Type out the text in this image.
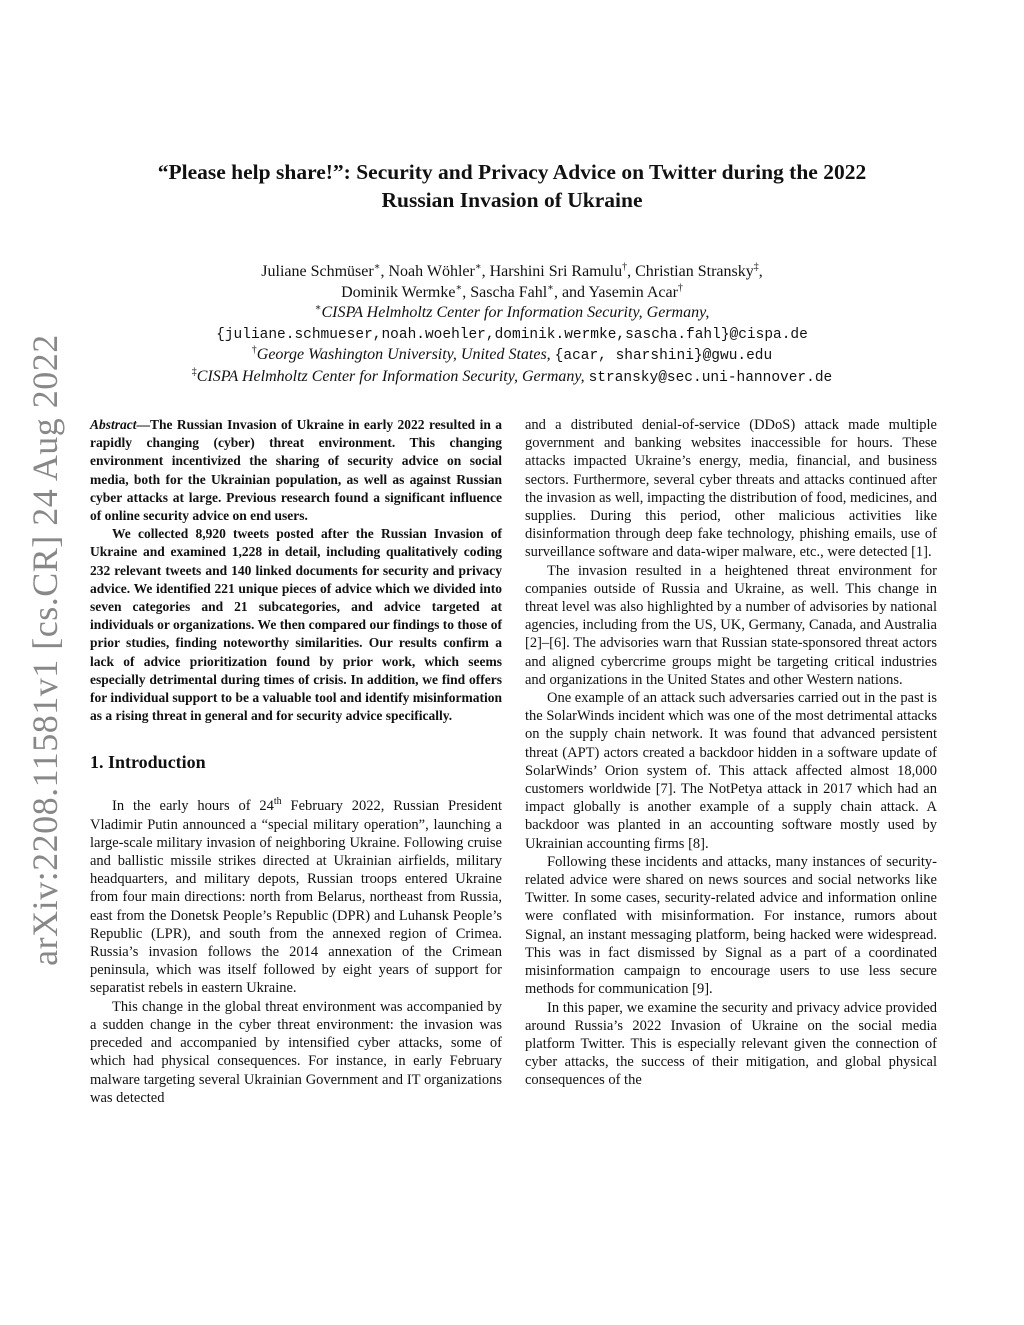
arXiv:2208.11581v1 [cs.CR] 24 Aug 2022
“Please help share!”: Security and Privacy Advice on Twitter during the 2022
Russian Invasion of Ukraine
Juliane Schmüser∗, Noah Wöhler∗, Harshini Sri Ramulu†, Christian Stransky‡,
Dominik Wermke∗, Sascha Fahl∗, and Yasemin Acar†
∗CISPA Helmholtz Center for Information Security, Germany,
{juliane.schmueser,noah.woehler,dominik.wermke,sascha.fahl}@cispa.de
†George Washington University, United States, {acar, sharshini}@gwu.edu
‡CISPA Helmholtz Center for Information Security, Germany, stransky@sec.uni-hannover.de

Abstract—The Russian Invasion of Ukraine in early 2022 resulted in a rapidly changing (cyber) threat environment. This changing environment incentivized the sharing of security advice on social media, both for the Ukrainian population, as well as against Russian cyber attacks at large. Previous research found a significant influence of online security advice on end users.

We collected 8,920 tweets posted after the Russian Invasion of Ukraine and examined 1,228 in detail, including qualitatively coding 232 relevant tweets and 140 linked documents for security and privacy advice. We identified 221 unique pieces of advice which we divided into seven categories and 21 subcategories, and advice targeted at individuals or organizations. We then compared our findings to those of prior studies, finding noteworthy similarities. Our results confirm a lack of advice prioritization found by prior work, which seems especially detrimental during times of crisis. In addition, we find offers for individual support to be a valuable tool and identify misinformation as a rising threat in general and for security advice specifically.

1. Introduction

In the early hours of 24th February 2022, Russian President Vladimir Putin announced a “special military operation”, launching a large-scale military invasion of neighboring Ukraine. Following cruise and ballistic missile strikes directed at Ukrainian airfields, military headquarters, and military depots, Russian troops entered Ukraine from four main directions: north from Belarus, northeast from Russia, east from the Donetsk People’s Republic (DPR) and Luhansk People’s Republic (LPR), and south from the annexed region of Crimea. Russia’s invasion follows the 2014 annexation of the Crimean peninsula, which was itself followed by eight years of support for separatist rebels in eastern Ukraine.

This change in the global threat environment was accompanied by a sudden change in the cyber threat environment: the invasion was preceded and accompanied by intensified cyber attacks, some of which had physical consequences. For instance, in early February malware targeting several Ukrainian Government and IT organizations was detected

and a distributed denial-of-service (DDoS) attack made multiple government and banking websites inaccessible for hours. These attacks impacted Ukraine’s energy, media, financial, and business sectors. Furthermore, several cyber threats and attacks continued after the invasion as well, impacting the distribution of food, medicines, and supplies. During this period, other malicious activities like disinformation through deep fake technology, phishing emails, use of surveillance software and data-wiper malware, etc., were detected [1].

The invasion resulted in a heightened threat environment for companies outside of Russia and Ukraine, as well. This change in threat level was also highlighted by a number of advisories by national agencies, including from the US, UK, Germany, Canada, and Australia [2]–[6]. The advisories warn that Russian state-sponsored threat actors and aligned cybercrime groups might be targeting critical industries and organizations in the United States and other Western nations.

One example of an attack such adversaries carried out in the past is the SolarWinds incident which was one of the most detrimental attacks on the supply chain network. It was found that advanced persistent threat (APT) actors created a backdoor hidden in a software update of SolarWinds’ Orion system of. This attack affected almost 18,000 customers worldwide [7]. The NotPetya attack in 2017 which had an impact globally is another example of a supply chain attack. A backdoor was planted in an accounting software mostly used by Ukrainian accounting firms [8].

Following these incidents and attacks, many instances of security-related advice were shared on news sources and social networks like Twitter. In some cases, security-related advice and information online were conflated with misinformation. For instance, rumors about Signal, an instant messaging platform, being hacked were widespread. This was in fact dismissed by Signal as a part of a coordinated misinformation campaign to encourage users to use less secure methods for communication [9].

In this paper, we examine the security and privacy advice provided around Russia’s 2022 Invasion of Ukraine on the social media platform Twitter. This is especially relevant given the connection of cyber attacks, the success of their mitigation, and global physical consequences of the
